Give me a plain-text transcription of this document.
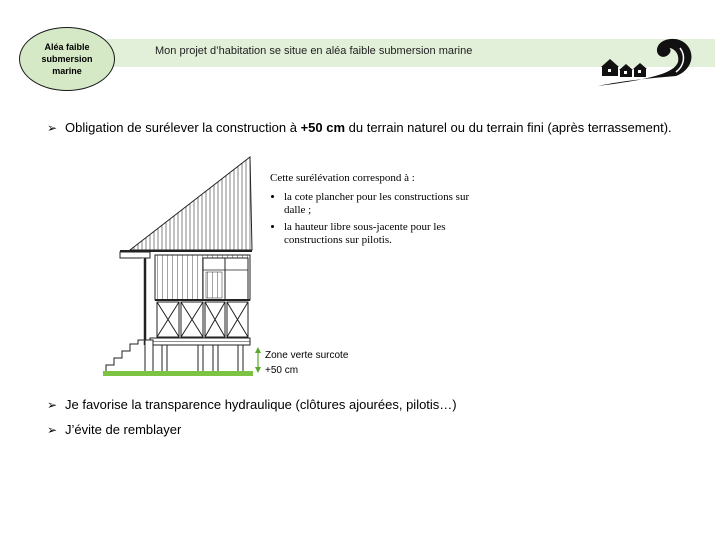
Mon projet d’habitation se situe en aléa faible submersion marine
Aléa faible
submersion
marine
➢ Obligation de surélever la construction à +50 cm du terrain naturel ou du terrain fini (après terrassement).
Zone verte surcote
+50 cm
Cette surélévation correspond à :
• la cote plancher pour les constructions sur dalle ;
• la hauteur libre sous-jacente pour les constructions sur pilotis.
➢ Je favorise la transparence hydraulique (clôtures ajourées, pilotis…)
➢ J’évite de remblayer
